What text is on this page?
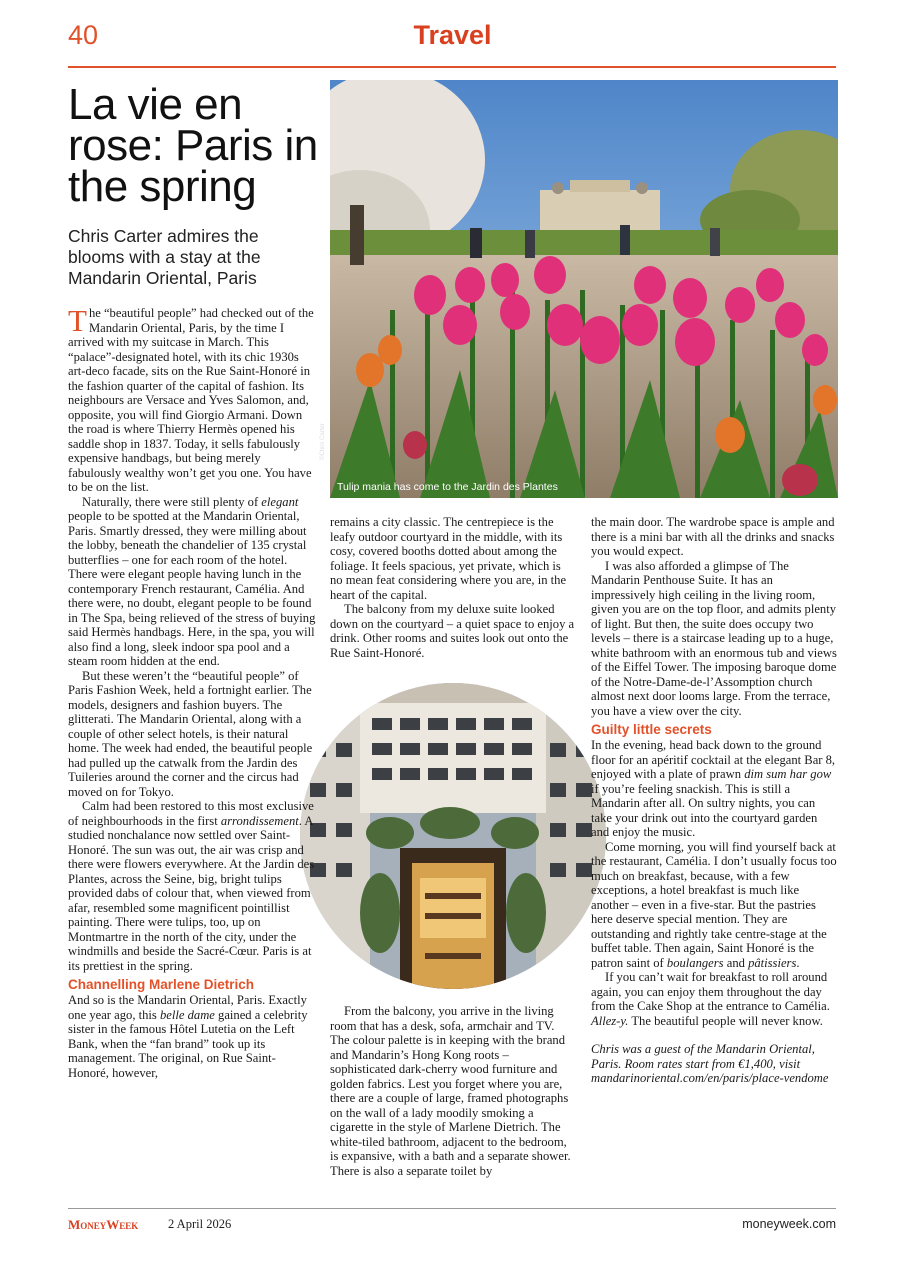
40	Travel
La vie en rose: Paris in the spring
Chris Carter admires the blooms with a stay at the Mandarin Oriental, Paris
Tulip mania has come to the Jardin des Plantes
©Chris Carter

The “beautiful people” had checked out of the Mandarin Oriental, Paris, by the time I arrived with my suitcase in March. This “palace”-designated hotel, with its chic 1930s art-deco facade, sits on the Rue Saint-Honoré in the fashion quarter of the capital of fashion. Its neighbours are Versace and Yves Salomon, and, opposite, you will find Giorgio Armani. Down the road is where Thierry Hermès opened his saddle shop in 1837. Today, it sells fabulously expensive handbags, but being merely fabulously wealthy won’t get you one. You have to be on the list.

Naturally, there were still plenty of elegant people to be spotted at the Mandarin Oriental, Paris. Smartly dressed, they were milling about the lobby, beneath the chandelier of 135 crystal butterflies – one for each room of the hotel. There were elegant people having lunch in the contemporary French restaurant, Camélia. And there were, no doubt, elegant people to be found in The Spa, being relieved of the stress of buying said Hermès handbags. Here, in the spa, you will also find a long, sleek indoor spa pool and a steam room hidden at the end.

But these weren’t the “beautiful people” of Paris Fashion Week, held a fortnight earlier. The models, designers and fashion buyers. The glitterati. The Mandarin Oriental, along with a couple of other select hotels, is their natural home. The week had ended, the beautiful people had pulled up the catwalk from the Jardin des Tuileries around the corner and the circus had moved on for Tokyo.

Calm had been restored to this most exclusive of neighbourhoods in the first arrondissement. A studied nonchalance now settled over Saint-Honoré. The sun was out, the air was crisp and there were flowers everywhere. At the Jardin des Plantes, across the Seine, big, bright tulips provided dabs of colour that, when viewed from afar, resembled some magnificent pointillist painting. There were tulips, too, up on Montmartre in the north of the city, under the windmills and beside the Sacré-Cœur. Paris is at its prettiest in the spring.

Channelling Marlene Dietrich

And so is the Mandarin Oriental, Paris. Exactly one year ago, this belle dame gained a celebrity sister in the famous Hôtel Lutetia on the Left Bank, when the “fan brand” took up its management. The original, on Rue Saint-Honoré, however,

remains a city classic. The centrepiece is the leafy outdoor courtyard in the middle, with its cosy, covered booths dotted about among the foliage. It feels spacious, yet private, which is no mean feat considering where you are, in the heart of the capital.

The balcony from my deluxe suite looked down on the courtyard – a quiet space to enjoy a drink. Other rooms and suites look out onto the Rue Saint-Honoré.

From the balcony, you arrive in the living room that has a desk, sofa, armchair and TV. The colour palette is in keeping with the brand and Mandarin’s Hong Kong roots – sophisticated dark-cherry wood furniture and golden fabrics. Lest you forget where you are, there are a couple of large, framed photographs on the wall of a lady moodily smoking a cigarette in the style of Marlene Dietrich. The white-tiled bathroom, adjacent to the bedroom, is expansive, with a bath and a separate shower. There is also a separate toilet by

the main door. The wardrobe space is ample and there is a mini bar with all the drinks and snacks you would expect.

I was also afforded a glimpse of The Mandarin Penthouse Suite. It has an impressively high ceiling in the living room, given you are on the top floor, and admits plenty of light. But then, the suite does occupy two levels – there is a staircase leading up to a huge, white bathroom with an enormous tub and views of the Eiffel Tower. The imposing baroque dome of the Notre-Dame-de-l’Assomption church almost next door looms large. From the terrace, you have a view over the city.

Guilty little secrets

In the evening, head back down to the ground floor for an apéritif cocktail at the elegant Bar 8, enjoyed with a plate of prawn dim sum har gow if you’re feeling snackish. This is still a Mandarin after all. On sultry nights, you can take your drink out into the courtyard garden and enjoy the music.

Come morning, you will find yourself back at the restaurant, Camélia. I don’t usually focus too much on breakfast, because, with a few exceptions, a hotel breakfast is much like another – even in a five-star. But the pastries here deserve special mention. They are outstanding and rightly take centre-stage at the buffet table. Then again, Saint Honoré is the patron saint of boulangers and pâtissiers.

If you can’t wait for breakfast to roll around again, you can enjoy them throughout the day from the Cake Shop at the entrance to Camélia. Allez-y. The beautiful people will never know.

Chris was a guest of the Mandarin Oriental, Paris. Room rates start from €1,400, visit mandarinoriental.com/en/paris/place-vendome

MoneyWeek 2 April 2026	moneyweek.com
